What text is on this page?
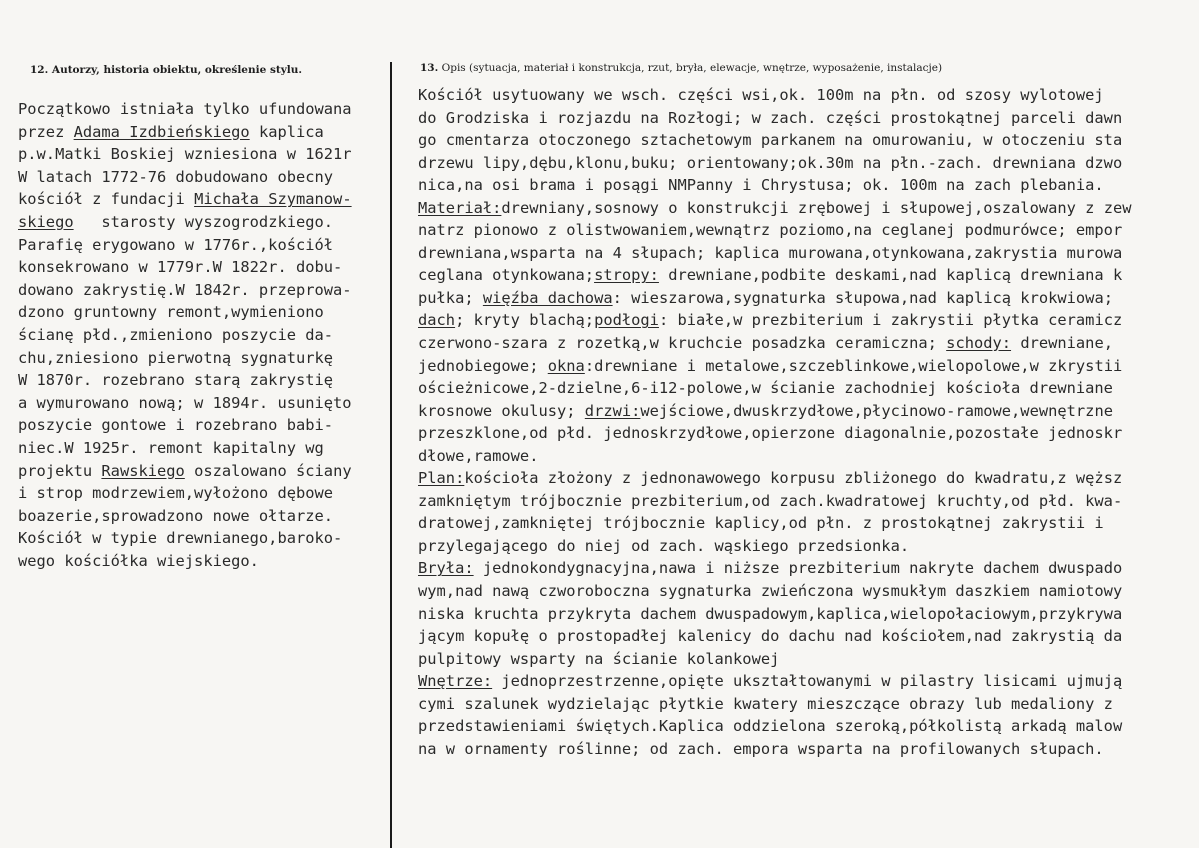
12. Autorzy, historia obiektu, określenie stylu.	13. Opis (sytuacja, materiał i konstrukcja, rzut, bryła, elewacje, wnętrze, wyposażenie, instalacje)
Początkowo istniała tylko ufundowana
przez Adama Izdbieńskiego kaplica
p.w.Matki Boskiej wzniesiona w 1621r
W latach 1772-76 dobudowano obecny
kościół z fundacji Michała Szymanow-
skiego   starosty wyszogrodzkiego.
Parafię erygowano w 1776r.,kościół
konsekrowano w 1779r.W 1822r. dobu-
dowano zakrystię.W 1842r. przeprowa-
dzono gruntowny remont,wymieniono
ścianę płd.,zmieniono poszycie da-
chu,zniesiono pierwotną sygnaturkę
W 1870r. rozebrano starą zakrystię
a wymurowano nową; w 1894r. usunięto
poszycie gontowe i rozebrano babi-
niec.W 1925r. remont kapitalny wg
projektu Rawskiego oszalowano ściany
i strop modrzewiem,wyłożono dębowe
boazerie,sprowadzono nowe ołtarze.
Kościół w typie drewnianego,baroko-
wego kościółka wiejskiego.
Kościół usytuowany we wsch. części wsi,ok. 100m na płn. od szosy wylotowej
do Grodziska i rozjazdu na Rozłogi; w zach. części prostokątnej parceli dawn
go cmentarza otoczonego sztachetowym parkanem na omurowaniu, w otoczeniu sta
drzewu lipy,dębu,klonu,buku; orientowany;ok.30m na płn.-zach. drewniana dzwo
nica,na osi brama i posągi NMPanny i Chrystusa; ok. 100m na zach plebania.
Materiał:drewniany,sosnowy o konstrukcji zrębowej i słupowej,oszalowany z zew
natrz pionowo z olistwowaniem,wewnątrz poziomo,na ceglanej podmurówce; empor
drewniana,wsparta na 4 słupach; kaplica murowana,otynkowana,zakrystia murowa
ceglana otynkowana;stropy: drewniane,podbite deskami,nad kaplicą drewniana k
pułka; więźba dachowa: wieszarowa,sygnaturka słupowa,nad kaplicą krokwiowa;
dach; kryty blachą;podłogi: białe,w prezbiterium i zakrystii płytka ceramicz
czerwono-szara z rozetką,w kruchcie posadzka ceramiczna; schody: drewniane,
jednobiegowe; okna:drewniane i metalowe,szczeblinkowe,wielopolowe,w zkrystii
ościeżnicowe,2-dzielne,6-i12-polowe,w ścianie zachodniej kościoła drewniane
krosnowe okulusy; drzwi:wejściowe,dwuskrzydłowe,płycinowo-ramowe,wewnętrzne
przeszklone,od płd. jednoskrzydłowe,opierzone diagonalnie,pozostałe jednoskr
dłowe,ramowe.
Plan:kościoła złożony z jednonawowego korpusu zbliżonego do kwadratu,z węższ
zamkniętym trójbocznie prezbiterium,od zach.kwadratowej kruchty,od płd. kwa-
dratowej,zamkniętej trójbocznie kaplicy,od płn. z prostokątnej zakrystii i
przylegającego do niej od zach. wąskiego przedsionka.
Bryła: jednokondygnacyjna,nawa i niższe prezbiterium nakryte dachem dwuspado
wym,nad nawą czworoboczna sygnaturka zwieńczona wysmukłym daszkiem namiotowy
niska kruchta przykryta dachem dwuspadowym,kaplica,wielopołaciowym,przykrywa
jącym kopułę o prostopadłej kalenicy do dachu nad kościołem,nad zakrystią da
pulpitowy wsparty na ścianie kolankowej
Wnętrze: jednoprzestrzenne,opięte ukształtowanymi w pilastry lisicami ujmują
cymi szalunek wydzielając płytkie kwatery mieszczące obrazy lub medaliony z
przedstawieniami świętych.Kaplica oddzielona szeroką,półkolistą arkadą malow
na w ornamenty roślinne; od zach. empora wsparta na profilowanych słupach.
